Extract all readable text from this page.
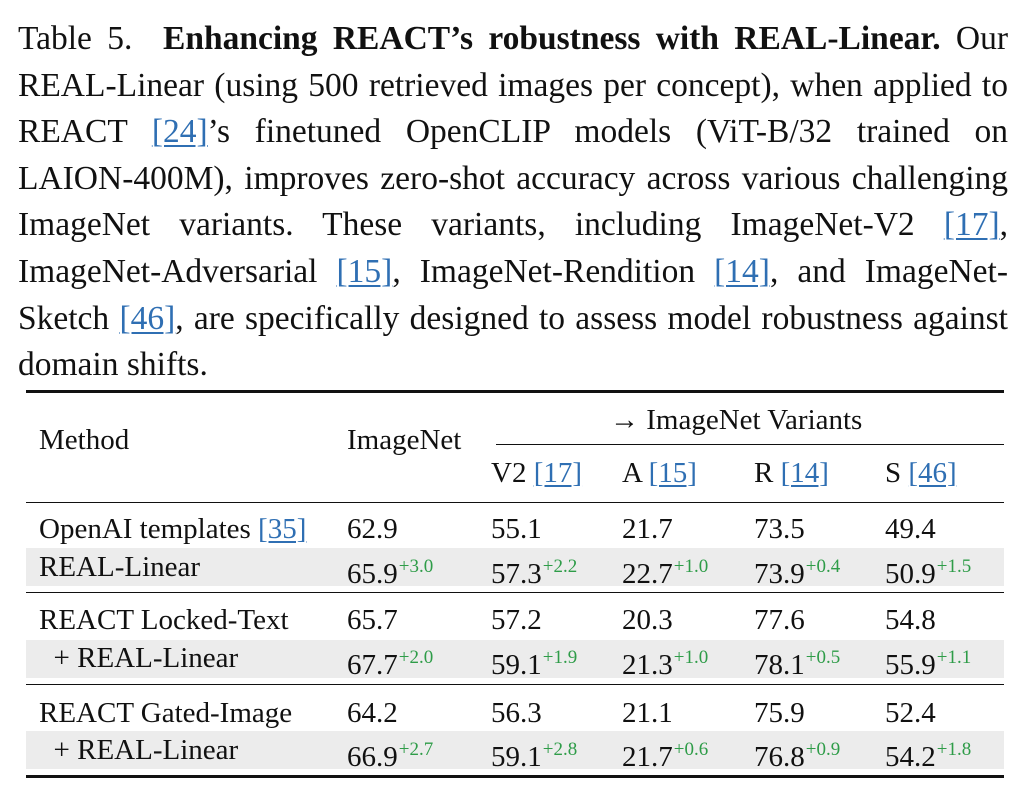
Table 5. Enhancing REACT’s robustness with REAL-Linear. Our REAL-Linear (using 500 retrieved images per concept), when applied to REACT [24]’s finetuned OpenCLIP models (ViT-B/32 trained on LAION-400M), improves zero-shot accuracy across various challenging ImageNet variants. These variants, including ImageNet-V2 [17], ImageNet-Adversarial [15], ImageNet-Rendition [14], and ImageNet-Sketch [46], are specifically designed to assess model robustness against domain shifts.
Method	ImageNet
→ ImageNet Variants
V2 [17] A [15] R [14] S [46]
OpenAI templates [35] 62.9	55.1	21.7	73.5	49.4
REAL-Linear	$65.9^{+3.0}$ $57.3^{+2.2}$ $22.7^{+1.0}$ $73.9^{+0.4}$ $50.9^{+1.5}$
REACT Locked-Text 65.7	57.2	20.3	77.6	54.8
+ REAL-Linear	$67.7^{+2.0}$ $59.1^{+1.9}$ $21.3^{+1.0}$ $78.1^{+0.5}$ $55.9^{+1.1}$
REACT Gated-Image 64.2	56.3	21.1	75.9	52.4
+ REAL-Linear	$66.9^{+2.7}$ $59.1^{+2.8}$ $21.7^{+0.6}$ $76.8^{+0.9}$ $54.2^{+1.8}$
